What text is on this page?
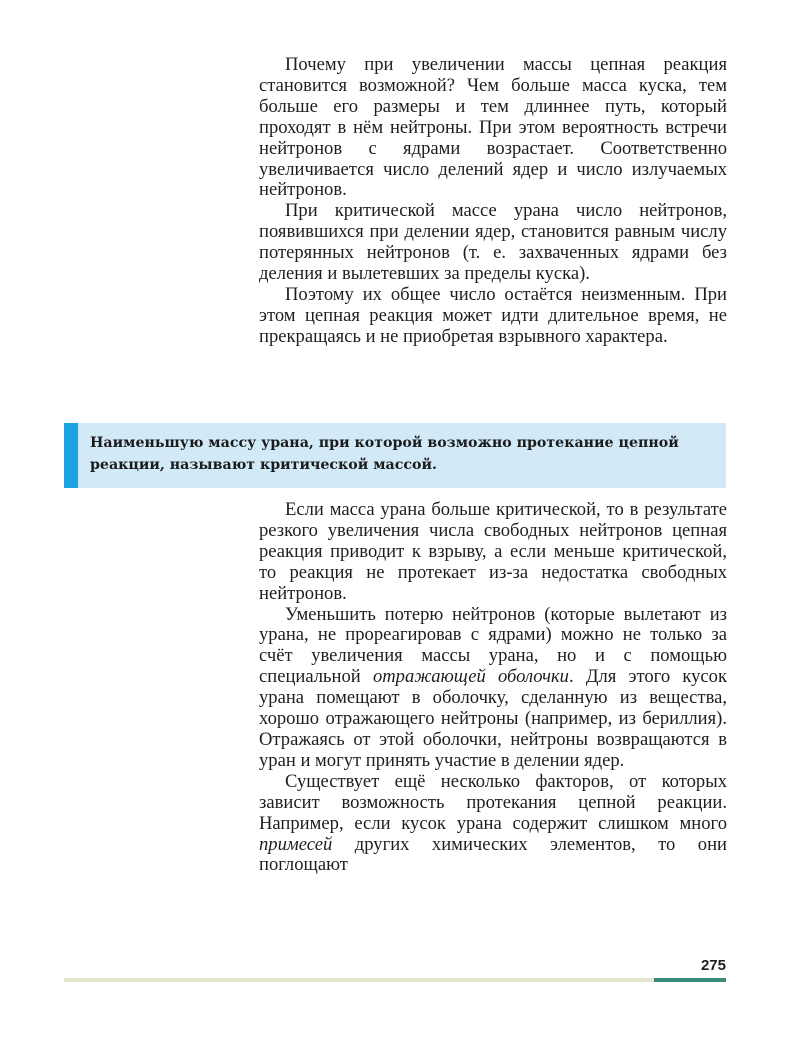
Почему при увеличении массы цепная реакция становится возможной? Чем больше масса куска, тем больше его размеры и тем длиннее путь, который проходят в нём нейтроны. При этом вероятность встречи нейтронов с ядрами возрастает. Соответственно увеличивается число делений ядер и число излучаемых нейтронов.

При критической массе урана число нейтронов, появившихся при делении ядер, становится равным числу потерянных нейтронов (т. е. захваченных ядрами без деления и вылетевших за пределы куска).

Поэтому их общее число остаётся неизменным. При этом цепная реакция может идти длительное время, не прекращаясь и не приобретая взрывного характера.

Наименьшую массу урана, при которой возможно протекание цепной реакции, называют критической массой.

Если масса урана больше критической, то в результате резкого увеличения числа свободных нейтронов цепная реакция приводит к взрыву, а если меньше критической, то реакция не протекает из-за недостатка свободных нейтронов.

Уменьшить потерю нейтронов (которые вылетают из урана, не прореагировав с ядрами) можно не только за счёт увеличения массы урана, но и с помощью специальной отражающей оболочки. Для этого кусок урана помещают в оболочку, сделанную из вещества, хорошо отражающего нейтроны (например, из бериллия). Отражаясь от этой оболочки, нейтроны возвращаются в уран и могут принять участие в делении ядер.

Существует ещё несколько факторов, от которых зависит возможность протекания цепной реакции. Например, если кусок урана содержит слишком много примесей других химических элементов, то они поглощают

275
